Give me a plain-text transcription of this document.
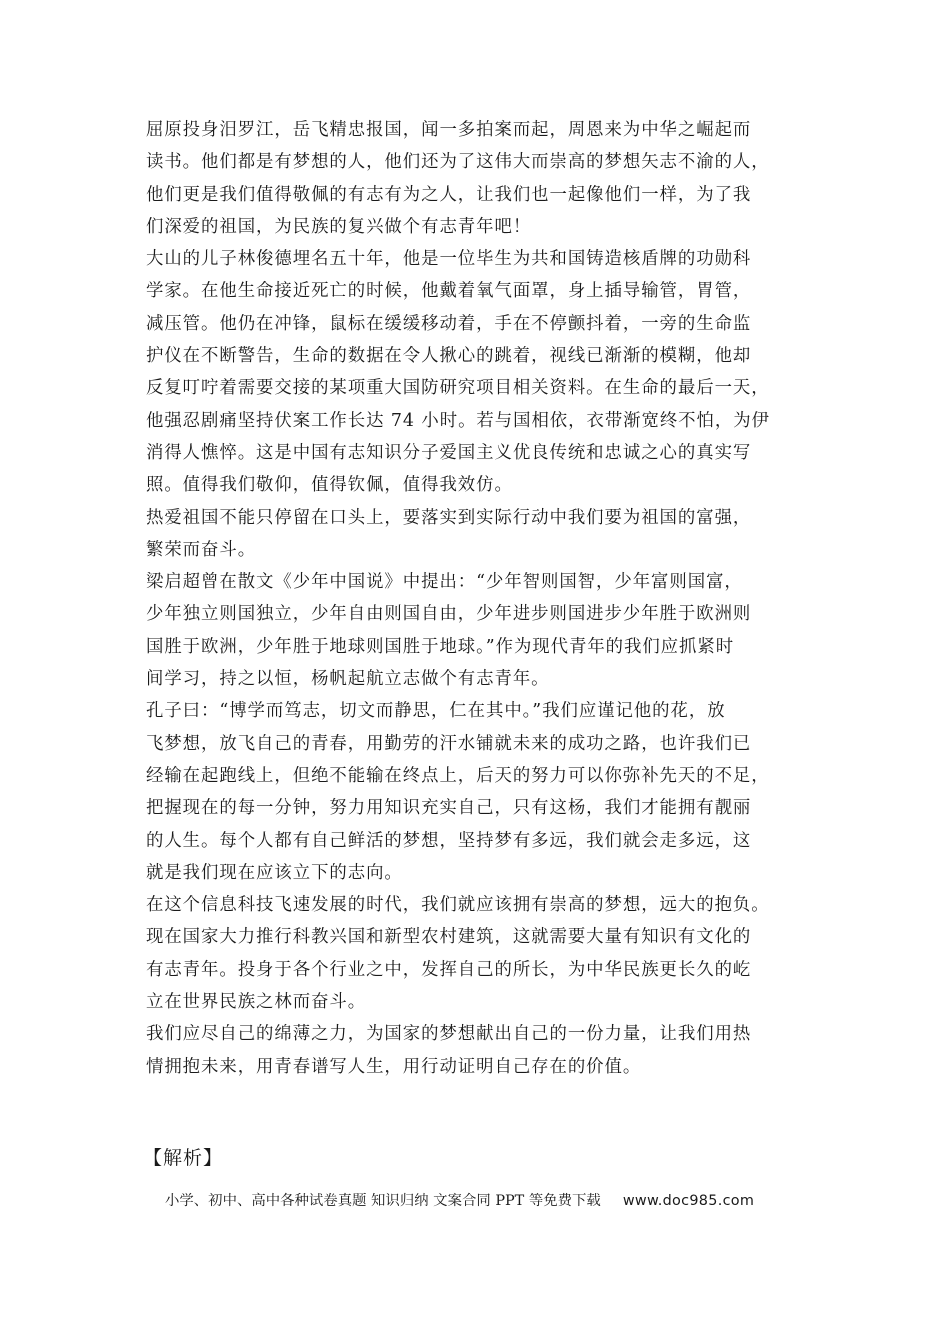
屈原投身汨罗江，岳飞精忠报国，闻一多拍案而起，周恩来为中华之崛起而
读书。他们都是有梦想的人，他们还为了这伟大而崇高的梦想矢志不渝的人，
他们更是我们值得敬佩的有志有为之人，让我们也一起像他们一样，为了我
们深爱的祖国，为民族的复兴做个有志青年吧！
大山的儿子林俊德埋名五十年，他是一位毕生为共和国铸造核盾牌的功勋科
学家。在他生命接近死亡的时候，他戴着氧气面罩，身上插导输管，胃管，
减压管。他仍在冲锋，鼠标在缓缓移动着，手在不停颤抖着，一旁的生命监
护仪在不断警告，生命的数据在令人揪心的跳着，视线已渐渐的模糊，他却
反复叮咛着需要交接的某项重大国防研究项目相关资料。在生命的最后一天，
他强忍剧痛坚持伏案工作长达 74 小时。若与国相依，衣带渐宽终不怕，为伊
消得人憔悴。这是中国有志知识分子爱国主义优良传统和忠诚之心的真实写
照。值得我们敬仰，值得钦佩，值得我效仿。
热爱祖国不能只停留在口头上，要落实到实际行动中我们要为祖国的富强，
繁荣而奋斗。
梁启超曾在散文《少年中国说》中提出：“少年智则国智，少年富则国富，
少年独立则国独立，少年自由则国自由，少年进步则国进步少年胜于欧洲则
国胜于欧洲，少年胜于地球则国胜于地球。”作为现代青年的我们应抓紧时
间学习，持之以恒，杨帆起航立志做个有志青年。
孔子曰：“博学而笃志，切文而静思，仁在其中。”我们应谨记他的花，放
飞梦想，放飞自己的青春，用勤劳的汗水铺就未来的成功之路，也许我们已
经输在起跑线上，但绝不能输在终点上，后天的努力可以你弥补先天的不足，
把握现在的每一分钟，努力用知识充实自己，只有这杨，我们才能拥有靓丽
的人生。每个人都有自己鲜活的梦想，坚持梦有多远，我们就会走多远，这
就是我们现在应该立下的志向。
在这个信息科技飞速发展的时代，我们就应该拥有崇高的梦想，远大的抱负。
现在国家大力推行科教兴国和新型农村建筑，这就需要大量有知识有文化的
有志青年。投身于各个行业之中，发挥自己的所长，为中华民族更长久的屹
立在世界民族之林而奋斗。
我们应尽自己的绵薄之力，为国家的梦想献出自己的一份力量，让我们用热
情拥抱未来，用青春谱写人生，用行动证明自己存在的价值。
【解析】
小学、初中、高中各种试卷真题 知识归纳 文案合同 PPT 等免费下载 www.doc985.com
